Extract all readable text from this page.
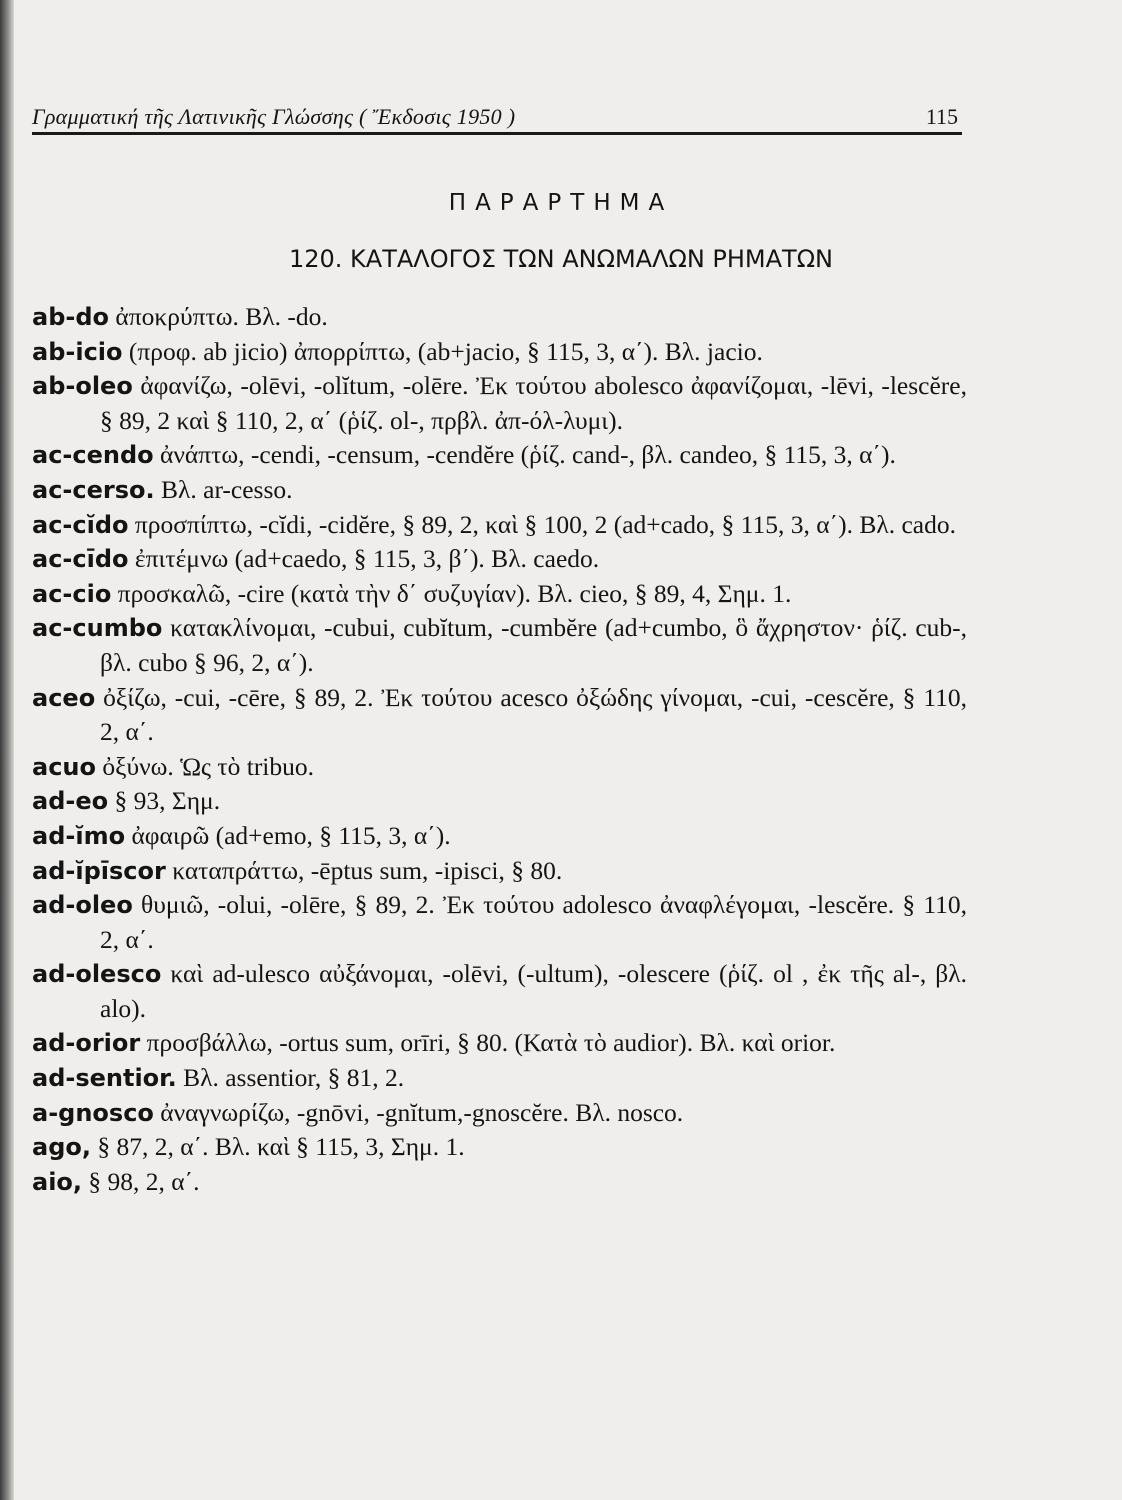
Γραμματική τῆς Λατινικῆς Γλώσσης ( Ἔκδοσις 1950 )	115
ΠΑΡΑΡΤΗΜΑ
120. ΚΑΤΑΛΟΓΟΣ ΤΩΝ ΑΝΩΜΑΛΩΝ ΡΗΜΑΤΩΝ

ab-do ἀποκρύπτω. Βλ. -do.

ab-icio (προφ. ab jicio) ἀπορρίπτω, (ab+jacio, § 115, 3, α΄). Βλ. jacio.

ab-oleo ἀφανίζω, -olēvi, -olĭtum, -olēre. Ἐκ τούτου abolesco ἀφανίζομαι, -lēvi, -lescĕre, § 89, 2 καὶ § 110, 2, α΄ (ῥίζ. ol-, πρβλ. ἀπ-όλ-λυμι).

ac-cendo ἀνάπτω, -cendi, -censum, -cendĕre (ῥίζ. cand-, βλ. candeo, § 115, 3, α΄).

ac-cerso. Βλ. ar-cesso.

ac-cĭdo προσπίπτω, -cĭdi, -cidĕre, § 89, 2, καὶ § 100, 2 (ad+cado, § 115, 3, α΄). Βλ. cado.

ac-cīdo ἐπιτέμνω (ad+caedo, § 115, 3, β΄). Βλ. caedo.

ac-cio προσκαλῶ, -cire (κατὰ τὴν δ΄ συζυγίαν). Βλ. cieo, § 89, 4, Σημ. 1.

ac-cumbo κατακλίνομαι, -cubui, cubĭtum, -cumbĕre (ad+cumbo, ὃ ἄχρηστον· ῥίζ. cub-, βλ. cubo § 96, 2, α΄).

aceo ὀξίζω, -cui, -cēre, § 89, 2. Ἐκ τούτου acesco ὀξώδης γίνομαι, -cui, -cescĕre, § 110, 2, α΄.

acuo ὀξύνω. Ὡς τὸ tribuo.

ad-eo § 93, Σημ.

ad-ĭmo ἀφαιρῶ (ad+emo, § 115, 3, α΄).

ad-ĭpīscor καταπράττω, -ēptus sum, -ipisci, § 80.

ad-oleo θυμιῶ, -olui, -olēre, § 89, 2. Ἐκ τούτου adolesco ἀναφλέγομαι, -lescĕre. § 110, 2, α΄.

ad-olesco καὶ ad-ulesco αὐξάνομαι, -olēvi, (-ultum), -olescere (ῥίζ. ol , ἐκ τῆς al-, βλ. alo).

ad-orior προσβάλλω, -ortus sum, orīri, § 80. (Κατὰ τὸ audior). Βλ. καὶ orior.

ad-sentior. Βλ. assentior, § 81, 2.

a-gnosco ἀναγνωρίζω, -gnōvi, -gnĭtum,-gnoscĕre. Βλ. nosco.

ago, § 87, 2, α΄. Βλ. καὶ § 115, 3, Σημ. 1.

aio, § 98, 2, α΄.
